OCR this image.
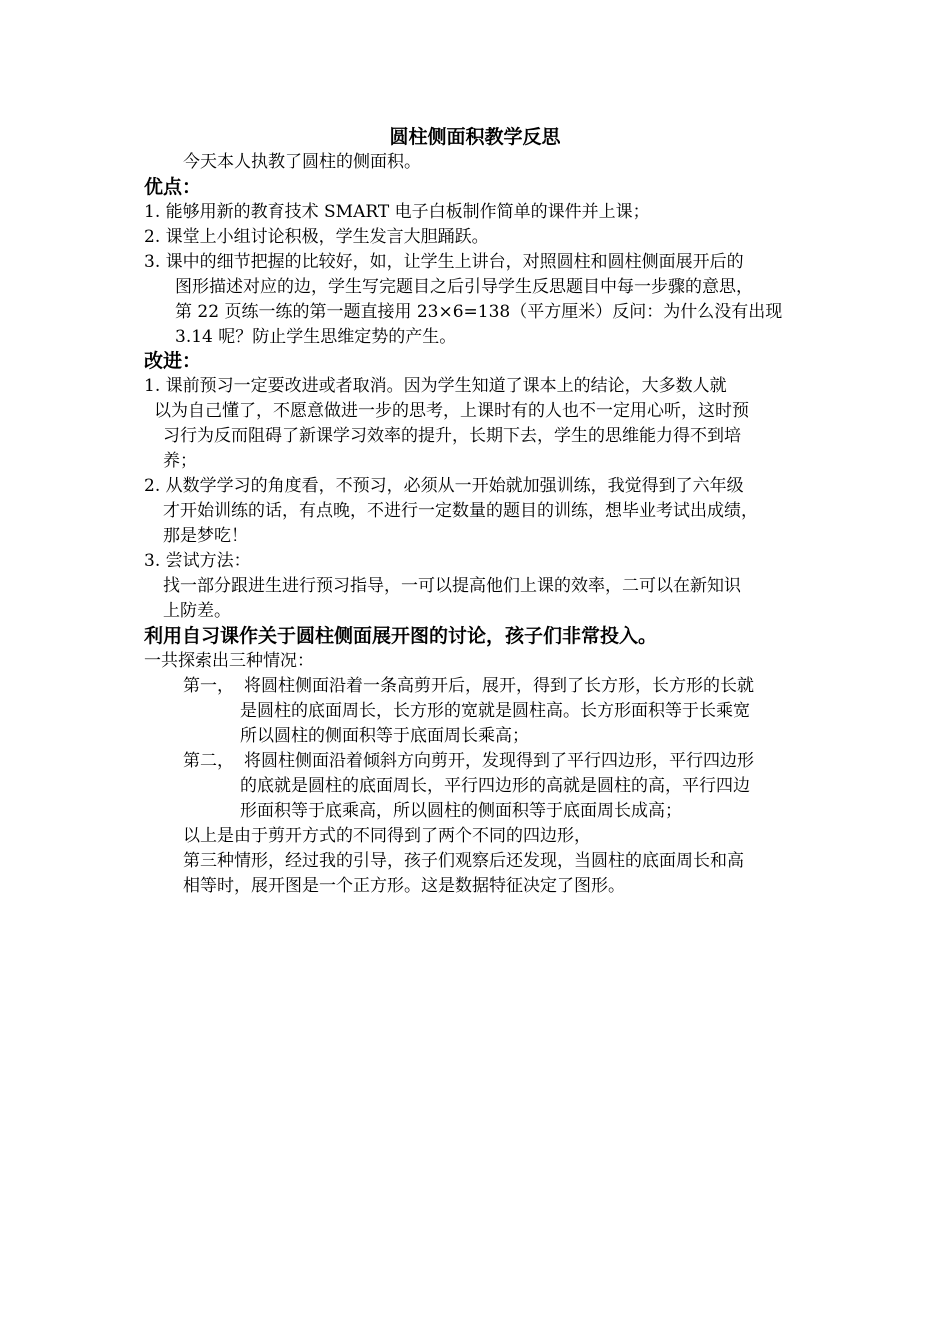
圆柱侧面积教学反思
今天本人执教了圆柱的侧面积。
优点：
1. 能够用新的教育技术 SMART 电子白板制作简单的课件并上课；
2. 课堂上小组讨论积极，学生发言大胆踊跃。
3. 课中的细节把握的比较好，如，让学生上讲台，对照圆柱和圆柱侧面展开后的
图形描述对应的边，学生写完题目之后引导学生反思题目中每一步骤的意思，
第 22 页练一练的第一题直接用 23×6=138（平方厘米）反问：为什么没有出现
3.14 呢？防止学生思维定势的产生。
改进：
1. 课前预习一定要改进或者取消。因为学生知道了课本上的结论，大多数人就
以为自己懂了，不愿意做进一步的思考，上课时有的人也不一定用心听，这时预
习行为反而阻碍了新课学习效率的提升，长期下去，学生的思维能力得不到培
养；
2. 从数学学习的角度看，不预习，必须从一开始就加强训练，我觉得到了六年级
才开始训练的话，有点晚，不进行一定数量的题目的训练，想毕业考试出成绩，
那是梦吃！
3. 尝试方法：
找一部分跟进生进行预习指导，一可以提高他们上课的效率，二可以在新知识
上防差。
利用自习课作关于圆柱侧面展开图的讨论，孩子们非常投入。
一共探索出三种情况：
第一， 将圆柱侧面沿着一条高剪开后，展开，得到了长方形，长方形的长就
是圆柱的底面周长，长方形的宽就是圆柱高。长方形面积等于长乘宽
所以圆柱的侧面积等于底面周长乘高；
第二， 将圆柱侧面沿着倾斜方向剪开，发现得到了平行四边形，平行四边形
的底就是圆柱的底面周长，平行四边形的高就是圆柱的高，平行四边
形面积等于底乘高，所以圆柱的侧面积等于底面周长成高；
以上是由于剪开方式的不同得到了两个不同的四边形，
第三种情形，经过我的引导，孩子们观察后还发现，当圆柱的底面周长和高
相等时，展开图是一个正方形。这是数据特征决定了图形。
